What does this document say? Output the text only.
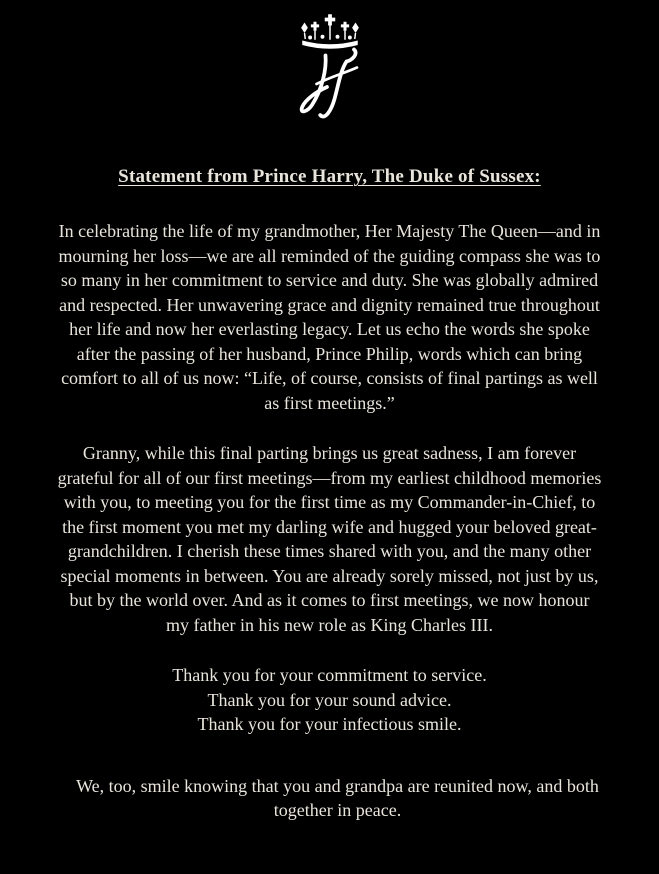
Statement from Prince Harry, The Duke of Sussex:

In celebrating the life of my grandmother, Her Majesty The Queen—and in mourning her loss—we are all reminded of the guiding compass she was to so many in her commitment to service and duty. She was globally admired and respected. Her unwavering grace and dignity remained true throughout her life and now her everlasting legacy. Let us echo the words she spoke after the passing of her husband, Prince Philip, words which can bring comfort to all of us now: “Life, of course, consists of final partings as well as first meetings.”

Granny, while this final parting brings us great sadness, I am forever grateful for all of our first meetings—from my earliest childhood memories with you, to meeting you for the first time as my Commander-in-Chief, to the first moment you met my darling wife and hugged your beloved great-grandchildren. I cherish these times shared with you, and the many other special moments in between. You are already sorely missed, not just by us, but by the world over. And as it comes to first meetings, we now honour my father in his new role as King Charles III.

Thank you for your commitment to service.

Thank you for your sound advice.

Thank you for your infectious smile.

We, too, smile knowing that you and grandpa are reunited now, and both together in peace.
